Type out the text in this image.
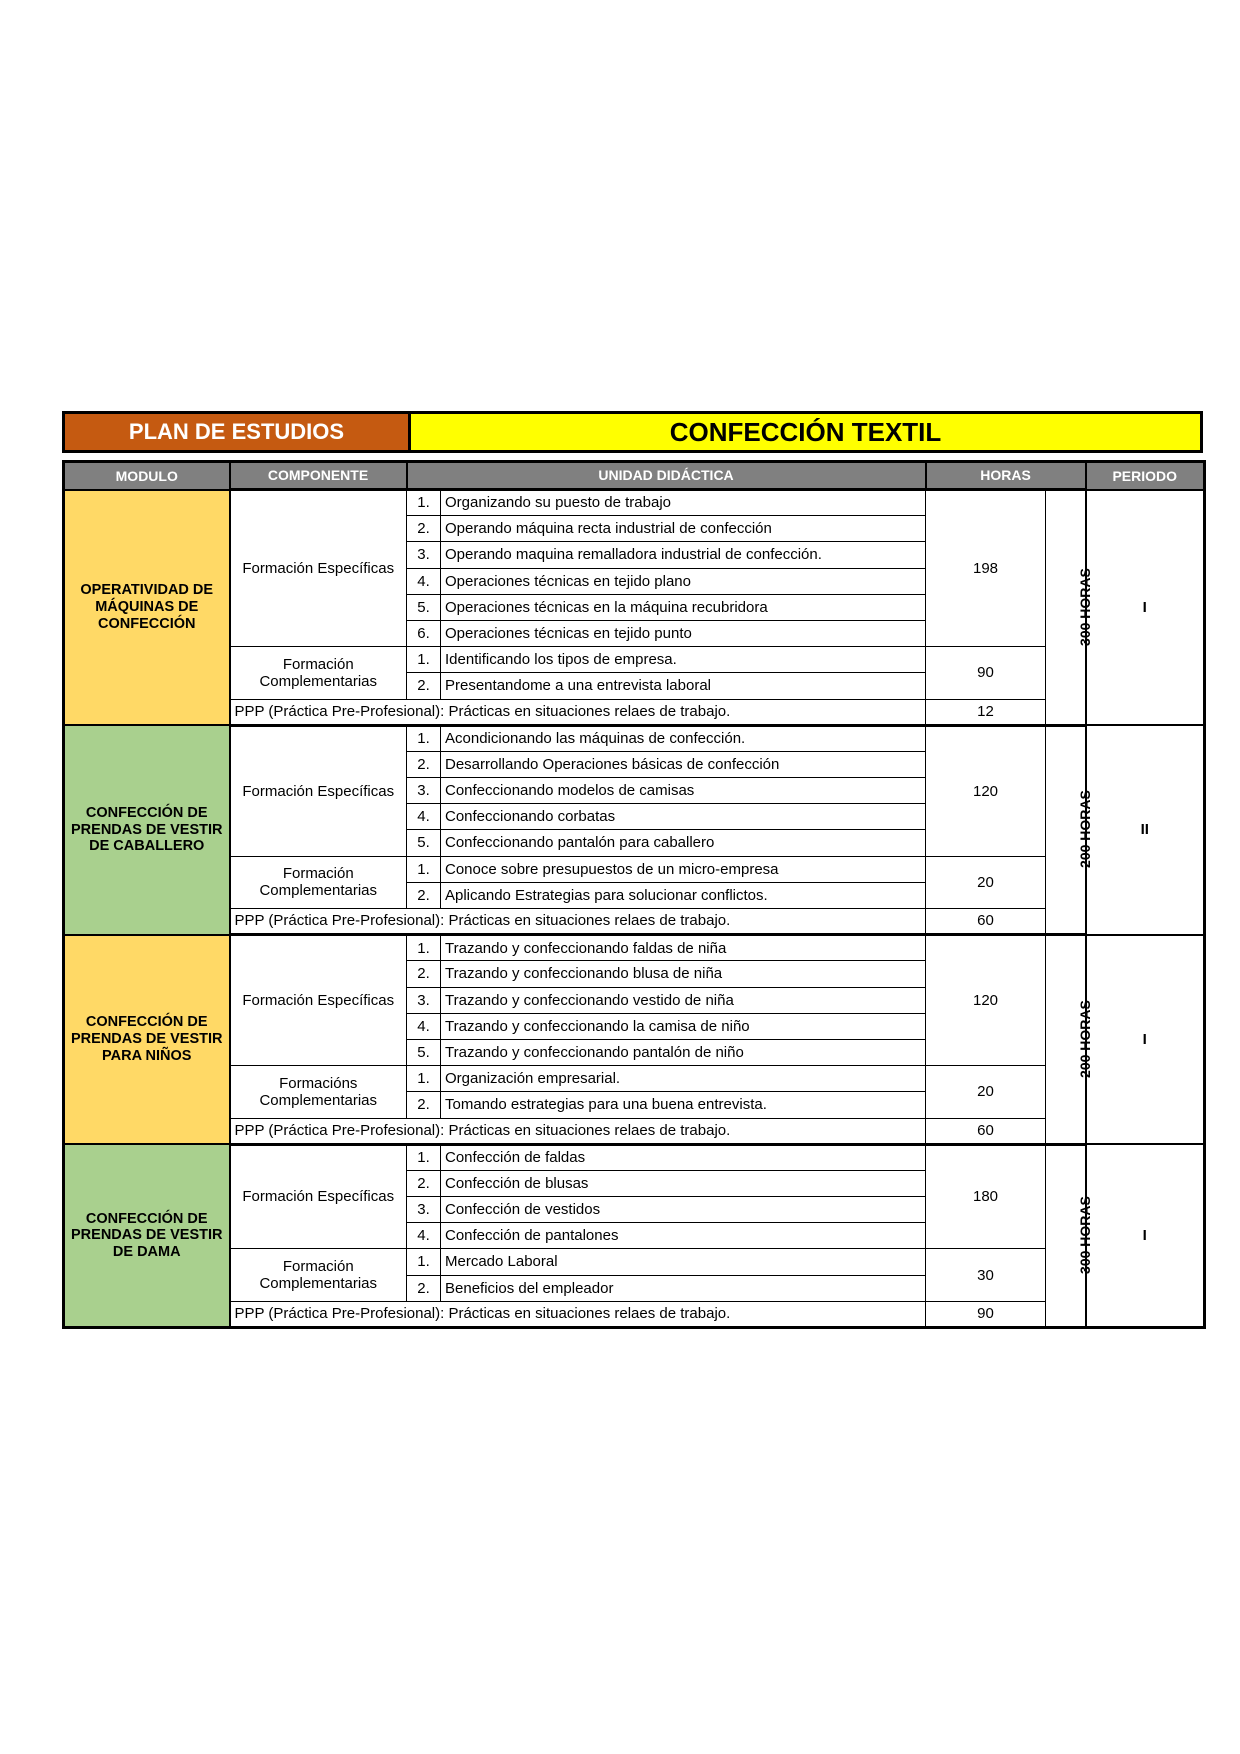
PLAN DE ESTUDIOS	CONFECCIÓN TEXTIL
MODULO	COMPONENTE	UNIDAD DIDÁCTICA		HORAS		PERIODO
OPERATIVIDAD DE MÁQUINAS DE CONFECCIÓN	Formación Específicas	1.	Organizando su puesto de trabajo	198	300 HORAS	I
		2.	Operando máquina recta industrial de confección			
		3.	Operando maquina remalladora industrial de confección.			
		4.	Operaciones técnicas en tejido plano			
		5.	Operaciones técnicas en la máquina recubridora			
		6.	Operaciones técnicas en tejido punto			
	Formación Complementarias	1.	Identificando los tipos de empresa.	90		
		2.	Presentandome a una entrevista laboral			
	PPP (Práctica Pre-Profesional): Prácticas en situaciones relaes de trabajo.			12		
CONFECCIÓN DE PRENDAS DE VESTIR DE CABALLERO	Formación Específicas	1.	Acondicionando las máquinas de confección.	120	200 HORAS	II
		2.	Desarrollando Operaciones básicas de confección			
		3.	Confeccionando modelos de camisas			
		4.	Confeccionando corbatas			
		5.	Confeccionando pantalón para caballero			
	Formación Complementarias	1.	Conoce sobre presupuestos de un micro-empresa	20		
		2.	Aplicando Estrategias para solucionar conflictos.			
	PPP (Práctica Pre-Profesional): Prácticas en situaciones relaes de trabajo.			60		
CONFECCIÓN DE PRENDAS DE VESTIR PARA NIÑOS	Formación Específicas	1.	Trazando y confeccionando faldas de niña	120	200 HORAS	I
		2.	Trazando y confeccionando blusa de niña			
		3.	Trazando y confeccionando vestido de niña			
		4.	Trazando y confeccionando la camisa de niño			
		5.	Trazando y confeccionando pantalón de niño			
	Formacións Complementarias	1.	Organización empresarial.	20		
		2.	Tomando estrategias para una buena entrevista.			
	PPP (Práctica Pre-Profesional): Prácticas en situaciones relaes de trabajo.			60		
CONFECCIÓN DE PRENDAS DE VESTIR DE DAMA	Formación Específicas	1.	Confección de faldas	180	300 HORAS	I
		2.	Confección de blusas			
		3.	Confección de vestidos			
		4.	Confección de pantalones			
	Formación Complementarias	1.	Mercado Laboral	30		
		2.	Beneficios del empleador			
	PPP (Práctica Pre-Profesional): Prácticas en situaciones relaes de trabajo.			90		
